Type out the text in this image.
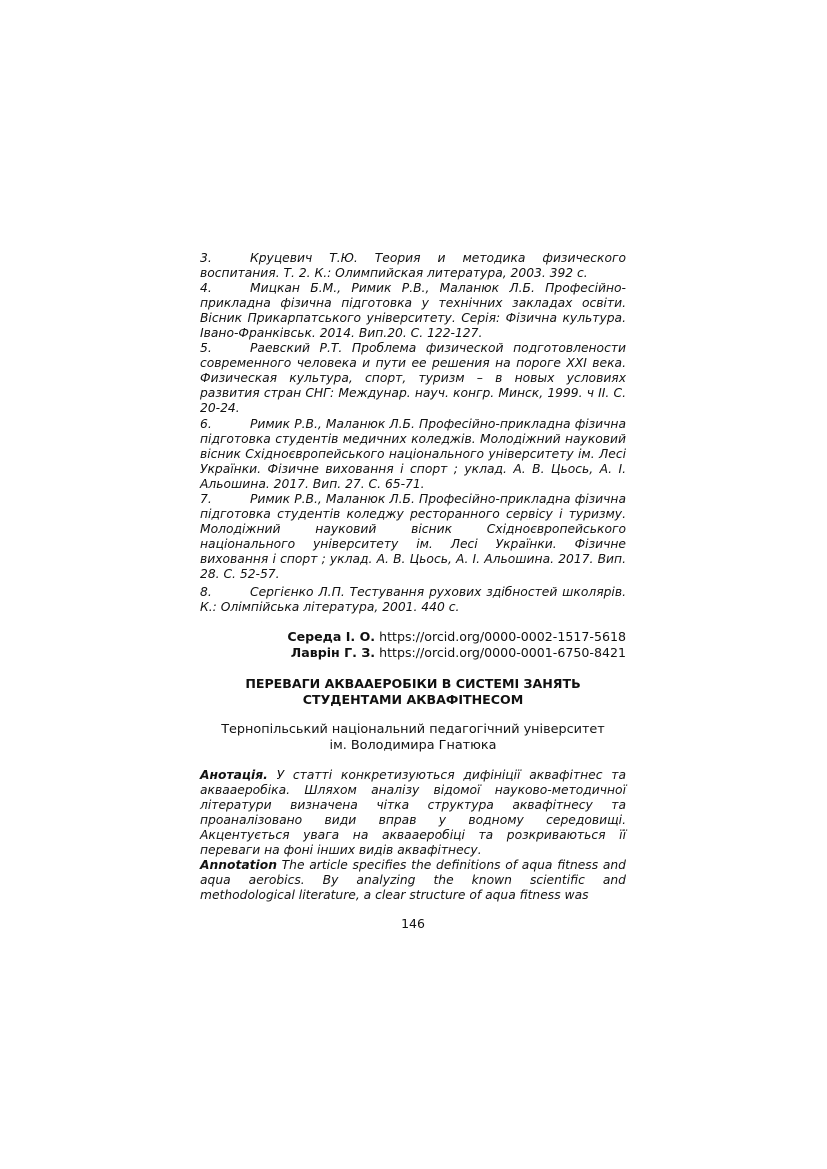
3.	Круцевич Т.Ю. Теория и методика физического воспитания. Т. 2. К.: Олимпийская литература, 2003. 392 с.
4.	Мицкан Б.М., Римик Р.В., Маланюк Л.Б. Професійно-прикладна фізична підготовка у технічних закладах освіти. Вісник Прикарпатського університету. Серія: Фізична культура. Івано-Франківськ. 2014. Вип.20. С. 122-127.
5.	Раевский Р.Т. Проблема физической подготовлености современного человека и пути ее решения на пороге XXI века. Физическая культура, спорт, туризм – в новых условиях развития стран СНГ: Междунар. науч. конгр. Минск, 1999. ч II. С. 20-24.
6.	Римик Р.В., Маланюк Л.Б. Професійно-прикладна фізична підготовка студентів медичних коледжів. Молодіжний науковий вісник Східноєвропейського національного університету ім. Лесі Українки. Фізичне виховання і спорт ; уклад. А. В. Цьось, А. І. Альошина. 2017. Вип. 27. С. 65-71.
7.	Римик Р.В., Маланюк Л.Б. Професійно-прикладна фізична підготовка студентів коледжу ресторанного сервісу і туризму. Молодіжний науковий вісник Східноєвропейського національного університету ім. Лесі Українки. Фізичне виховання і спорт ; уклад. А. В. Цьось, А. І. Альошина. 2017. Вип. 28. С. 52-57.
8.	Сергієнко Л.П. Тестування рухових здібностей школярів. К.: Олімпійська література, 2001. 440 с.
Середа І. О. https://orcid.org/0000-0002-1517-5618
Лаврін Г. З. https://orcid.org/0000-0001-6750-8421
ПЕРЕВАГИ АКВААЕРОБІКИ В СИСТЕМІ ЗАНЯТЬ
СТУДЕНТАМИ АКВАФІТНЕСОМ
Тернопільський національний педагогічний університет
ім. Володимира Гнатюка
Анотація. У статті конкретизуються дифініції аквафітнес та аквааеробіка. Шляхом аналізу відомої науково-методичної літератури визначена чітка структура аквафітнесу та проаналізовано види вправ у водному середовищі. Акцентується увага на аквааеробіці та розкриваються її переваги на фоні інших видів аквафітнесу.
Annotation The article specifies the definitions of aqua fitness and aqua aerobics. By analyzing the known scientific and methodological literature, a clear structure of aqua fitness was
146
